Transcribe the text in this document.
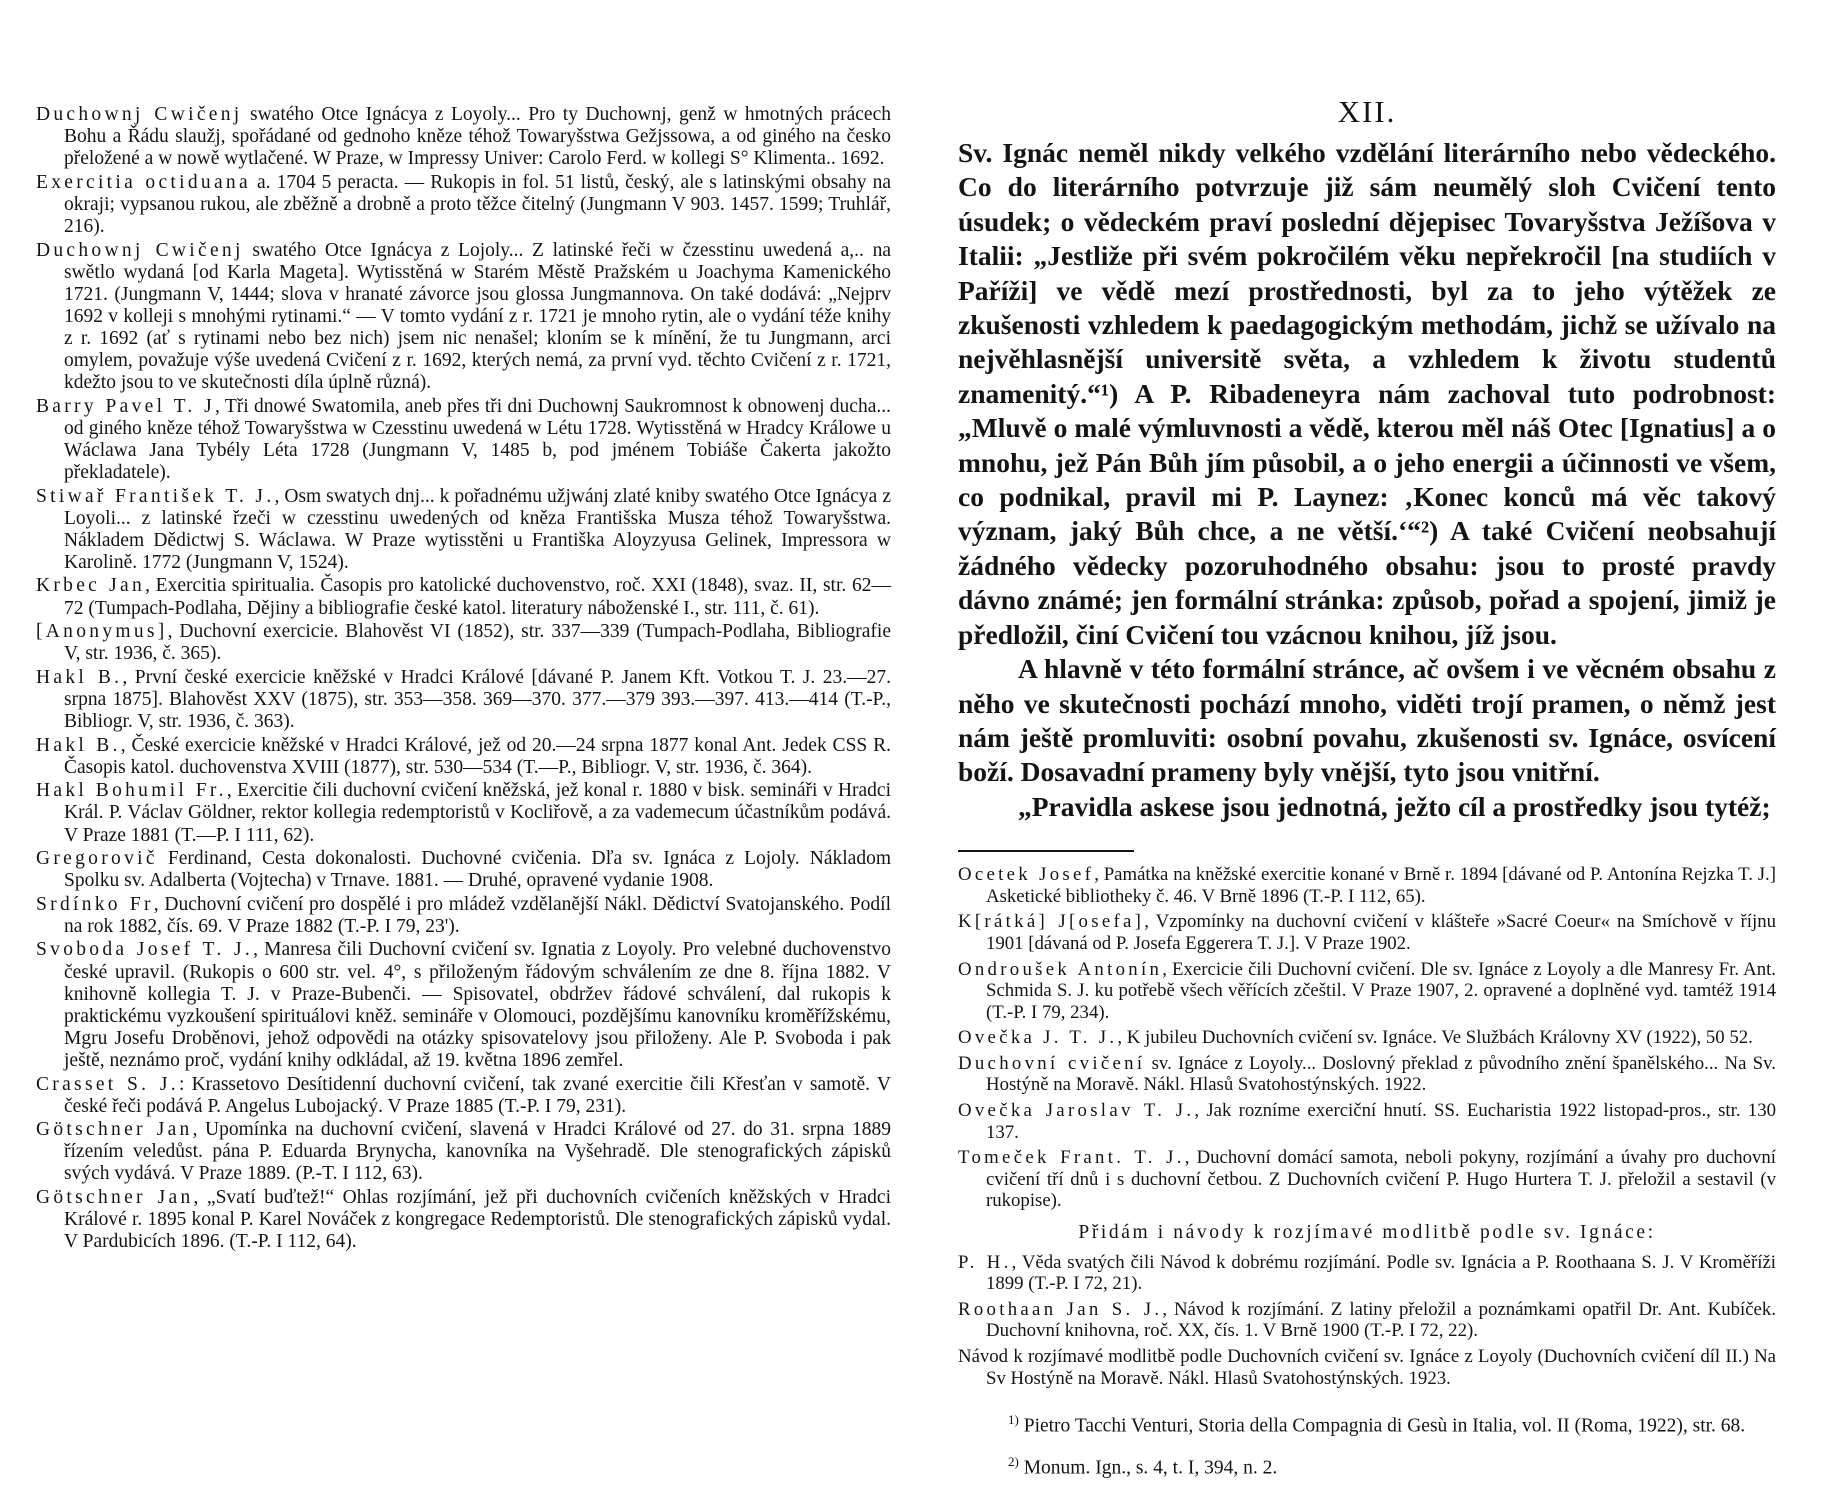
Duchownj Cwičenj swatého Otce Ignácya z Loyoly... Pro ty Duchownj, genž w hmotných prácech Bohu a Řádu slaužj, spořádané od gednoho kněze téhož Towaryšstwa Gežjssowa, a od giného na česko přeložené a w nowě wytlačené. W Praze, w Impressy Univer: Carolo Ferd. w kollegi S° Klimenta.. 1692.

Exercitia octiduana a. 1704 5 peracta. — Rukopis in fol. 51 listů, český, ale s latinskými obsahy na okraji; vypsanou rukou, ale zběžně a drobně a proto těžce čitelný (Jungmann V 903. 1457. 1599; Truhlář, 216).

Duchownj Cwičenj swatého Otce Ignácya z Lojoly... Z latinské řeči w čzesstinu uwedená a,.. na swětlo wydaná [od Karla Mageta]. Wytisstěná w Starém Městě Pražském u Joachyma Kamenického 1721. (Jungmann V, 1444; slova v hranaté závorce jsou glossa Jungmannova. On také dodává: „Nejprv 1692 v kolleji s mnohými rytinami.“ — V tomto vydání z r. 1721 je mnoho rytin, ale o vydání téže knihy z r. 1692 (ať s rytinami nebo bez nich) jsem nic nenašel; kloním se k mínění, že tu Jungmann, arci omylem, považuje výše uvedená Cvičení z r. 1692, kterých nemá, za první vyd. těchto Cvičení z r. 1721, kdežto jsou to ve skutečnosti díla úplně různá).

Barry Pavel T. J, Tři dnowé Swatomila, aneb přes tři dni Duchownj Saukromnost k obnowenj ducha... od giného kněze téhož Towaryšstwa w Czesstinu uwedená w Létu 1728. Wytisstěná w Hradcy Králowe u Wáclawa Jana Tybély Léta 1728 (Jungmann V, 1485 b, pod jménem Tobiáše Čakerta jakožto překladatele).

Stiwař František T. J., Osm swatych dnj... k pořadnému užjwánj zlaté kniby swatého Otce Ignácya z Loyoli... z latinské řzeči w czesstinu uwedených od kněza Františska Musza téhož Towaryšstwa. Nákladem Dědictwj S. Wáclawa. W Praze wytisstěni u Františka Aloyzyusa Gelinek, Impressora w Karolině. 1772 (Jungmann V, 1524).

Krbec Jan, Exercitia spiritualia. Časopis pro katolické duchovenstvo, roč. XXI (1848), svaz. II, str. 62—72 (Tumpach-Podlaha, Dějiny a bibliografie české katol. literatury náboženské I., str. 111, č. 61).

[Anonymus], Duchovní exercicie. Blahověst VI (1852), str. 337—339 (Tumpach-Podlaha, Bibliografie V, str. 1936, č. 365).

Hakl B., První české exercicie kněžské v Hradci Králové [dávané P. Janem Kft. Votkou T. J. 23.—27. srpna 1875]. Blahověst XXV (1875), str. 353—358. 369—370. 377.—379 393.—397. 413.—414 (T.-P., Bibliogr. V, str. 1936, č. 363).

Hakl B., České exercicie kněžské v Hradci Králové, jež od 20.—24 srpna 1877 konal Ant. Jedek CSS R. Časopis katol. duchovenstva XVIII (1877), str. 530—534 (T.—P., Bibliogr. V, str. 1936, č. 364).

Hakl Bohumil Fr., Exercitie čili duchovní cvičení kněžská, jež konal r. 1880 v bisk. semináři v Hradci Král. P. Václav Göldner, rektor kollegia redemptoristů v Kocliřově, a za vademecum účastníkům podává. V Praze 1881 (T.—P. I 111, 62).

Gregorovič Ferdinand, Cesta dokonalosti. Duchovné cvičenia. Dľa sv. Ignáca z Lojoly. Nákladom Spolku sv. Adalberta (Vojtecha) v Trnave. 1881. — Druhé, opravené vydanie 1908.

Srdínko Fr, Duchovní cvičení pro dospělé i pro mládež vzdělanější Nákl. Dědictví Svatojanského. Podíl na rok 1882, čís. 69. V Praze 1882 (T.-P. I 79, 23').

Svoboda Josef T. J., Manresa čili Duchovní cvičení sv. Ignatia z Loyoly. Pro velebné duchovenstvo české upravil. (Rukopis o 600 str. vel. 4°, s přiloženým řádovým schválením ze dne 8. října 1882. V knihovně kollegia T. J. v Praze-Bubenči. — Spisovatel, obdržev řádové schválení, dal rukopis k praktickému vyzkoušení spirituálovi kněž. semináře v Olomouci, pozdějšímu kanovníku kroměřížskému, Mgru Josefu Droběnovi, jehož odpovědi na otázky spisovatelovy jsou přiloženy. Ale P. Svoboda i pak ještě, neznámo proč, vydání knihy odkládal, až 19. května 1896 zemřel.

Crasset S. J.: Krassetovo Desítidenní duchovní cvičení, tak zvané exercitie čili Křesťan v samotě. V české řeči podává P. Angelus Lubojacký. V Praze 1885 (T.-P. I 79, 231).

Götschner Jan, Upomínka na duchovní cvičení, slavená v Hradci Králové od 27. do 31. srpna 1889 řízením veledůst. pána P. Eduarda Brynycha, kanovníka na Vyšehradě. Dle stenografických zápisků svých vydává. V Praze 1889. (P.-T. I 112, 63).

Götschner Jan, „Svatí buďtež!“ Ohlas rozjímání, jež při duchovních cvičeních kněžských v Hradci Králové r. 1895 konal P. Karel Nováček z kongregace Redemptoristů. Dle stenografických zápisků vydal. V Pardubicích 1896. (T.-P. I 112, 64).

XII.

Sv. Ignác neměl nikdy velkého vzdělání literárního nebo vědeckého. Co do literárního potvrzuje již sám neumělý sloh Cvičení tento úsudek; o vědeckém praví poslední dějepisec Tovaryšstva Ježíšova v Italii: „Jestliže při svém pokročilém věku nepřekročil [na studiích v Paříži] ve vědě mezí prostřednosti, byl za to jeho výtěžek ze zkušenosti vzhledem k paedagogickým methodám, jichž se užívalo na nejvěhlasnější universitě světa, a vzhledem k životu studentů znamenitý.“¹) A P. Ribadeneyra nám zachoval tuto podrobnost: „Mluvě o malé výmluvnosti a vědě, kterou měl náš Otec [Ignatius] a o mnohu, jež Pán Bůh jím působil, a o jeho energii a účinnosti ve všem, co podnikal, pravil mi P. Laynez: ‚Konec konců má věc takový význam, jaký Bůh chce, a ne větší.‘“²) A také Cvičení neobsahují žádného vědecky pozoruhodného obsahu: jsou to prosté pravdy dávno známé; jen formální stránka: způsob, pořad a spojení, jimiž je předložil, činí Cvičení tou vzácnou knihou, jíž jsou.

A hlavně v této formální stránce, ač ovšem i ve věcném obsahu z něho ve skutečnosti pochází mnoho, viděti trojí pramen, o němž jest nám ještě promluviti: osobní povahu, zkušenosti sv. Ignáce, osvícení boží. Dosavadní prameny byly vnější, tyto jsou vnitřní.

„Pravidla askese jsou jednotná, ježto cíl a prostředky jsou tytéž;

Ocetek Josef, Památka na kněžské exercitie konané v Brně r. 1894 [dávané od P. Antonína Rejzka T. J.] Asketické bibliotheky č. 46. V Brně 1896 (T.-P. I 112, 65).

K[rátká] J[osefa], Vzpomínky na duchovní cvičení v klášteře »Sacré Coeur« na Smíchově v říjnu 1901 [dávaná od P. Josefa Eggerera T. J.]. V Praze 1902.

Ondroušek Antonín, Exercicie čili Duchovní cvičení. Dle sv. Ignáce z Loyoly a dle Manresy Fr. Ant. Schmida S. J. ku potřebě všech věřících zčeštil. V Praze 1907, 2. opravené a doplněné vyd. tamtéž 1914 (T.-P. I 79, 234).

Ovečka J. T. J., K jubileu Duchovních cvičení sv. Ignáce. Ve Službách Královny XV (1922), 50 52.

Duchovní cvičení sv. Ignáce z Loyoly... Doslovný překlad z původního znění španělského... Na Sv. Hostýně na Moravě. Nákl. Hlasů Svatohostýnských. 1922.

Ovečka Jaroslav T. J., Jak rozníme exerciční hnutí. SS. Eucharistia 1922 listopad-pros., str. 130 137.

Tomeček Frant. T. J., Duchovní domácí samota, neboli pokyny, rozjímání a úvahy pro duchovní cvičení tří dnů i s duchovní četbou. Z Duchovních cvičení P. Hugo Hurtera T. J. přeložil a sestavil (v rukopise).

Přidám i návody k rozjímavé modlitbě podle sv. Ignáce:

P. H., Věda svatých čili Návod k dobrému rozjímání. Podle sv. Ignácia a P. Roothaana S. J. V Kroměříži 1899 (T.-P. I 72, 21).

Roothaan Jan S. J., Návod k rozjímání. Z latiny přeložil a poznámkami opatřil Dr. Ant. Kubíček. Duchovní knihovna, roč. XX, čís. 1. V Brně 1900 (T.-P. I 72, 22).

Návod k rozjímavé modlitbě podle Duchovních cvičení sv. Ignáce z Loyoly (Duchovních cvičení díl II.) Na Sv Hostýně na Moravě. Nákl. Hlasů Svatohostýnských. 1923.

$^{1)}$ Pietro Tacchi Venturi, Storia della Compagnia di Gesù in Italia, vol. II (Roma, 1922), str. 68.

$^{2)}$ Monum. Ign., s. 4, t. I, 394, n. 2.
